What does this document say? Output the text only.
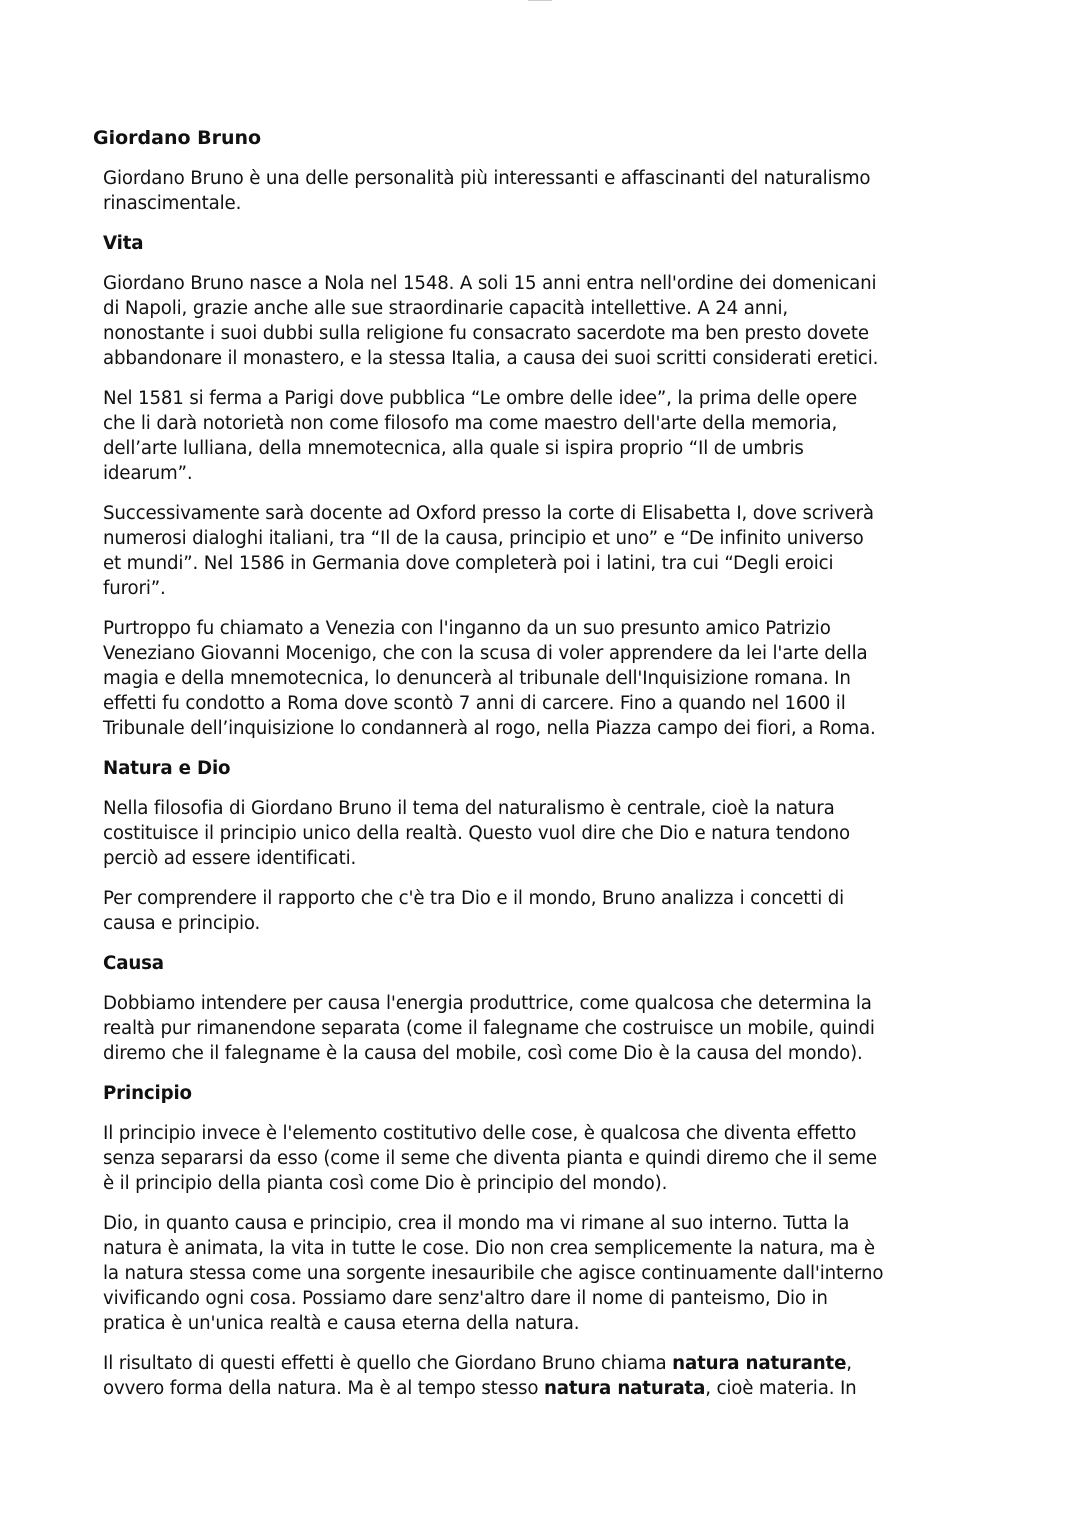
Giordano Bruno
Giordano Bruno è una delle personalità più interessanti e affascinanti del naturalismo
rinascimentale.
Vita
Giordano Bruno nasce a Nola nel 1548. A soli 15 anni entra nell'ordine dei domenicani
di Napoli, grazie anche alle sue straordinarie capacità intellettive. A 24 anni,
nonostante i suoi dubbi sulla religione fu consacrato sacerdote ma ben presto dovete
abbandonare il monastero, e la stessa Italia, a causa dei suoi scritti considerati eretici.
Nel 1581 si ferma a Parigi dove pubblica “Le ombre delle idee”, la prima delle opere
che li darà notorietà non come filosofo ma come maestro dell'arte della memoria,
dell’arte lulliana, della mnemotecnica, alla quale si ispira proprio “Il de umbris
idearum”.
Successivamente sarà docente ad Oxford presso la corte di Elisabetta I, dove scriverà
numerosi dialoghi italiani, tra “Il de la causa, principio et uno” e “De infinito universo
et mundi”. Nel 1586 in Germania dove completerà poi i latini, tra cui “Degli eroici
furori”.
Purtroppo fu chiamato a Venezia con l'inganno da un suo presunto amico Patrizio
Veneziano Giovanni Mocenigo, che con la scusa di voler apprendere da lei l'arte della
magia e della mnemotecnica, lo denuncerà al tribunale dell'Inquisizione romana. In
effetti fu condotto a Roma dove scontò 7 anni di carcere. Fino a quando nel 1600 il
Tribunale dell’inquisizione lo condannerà al rogo, nella Piazza campo dei fiori, a Roma.
Natura e Dio
Nella filosofia di Giordano Bruno il tema del naturalismo è centrale, cioè la natura
costituisce il principio unico della realtà. Questo vuol dire che Dio e natura tendono
perciò ad essere identificati.
Per comprendere il rapporto che c'è tra Dio e il mondo, Bruno analizza i concetti di
causa e principio.
Causa
Dobbiamo intendere per causa l'energia produttrice, come qualcosa che determina la
realtà pur rimanendone separata (come il falegname che costruisce un mobile, quindi
diremo che il falegname è la causa del mobile, così come Dio è la causa del mondo).
Principio
Il principio invece è l'elemento costitutivo delle cose, è qualcosa che diventa effetto
senza separarsi da esso (come il seme che diventa pianta e quindi diremo che il seme
è il principio della pianta così come Dio è principio del mondo).
Dio, in quanto causa e principio, crea il mondo ma vi rimane al suo interno. Tutta la
natura è animata, la vita in tutte le cose. Dio non crea semplicemente la natura, ma è
la natura stessa come una sorgente inesauribile che agisce continuamente dall'interno
vivificando ogni cosa. Possiamo dare senz'altro dare il nome di panteismo, Dio in
pratica è un'unica realtà e causa eterna della natura.
Il risultato di questi effetti è quello che Giordano Bruno chiama natura naturante,
ovvero forma della natura. Ma è al tempo stesso natura naturata, cioè materia. In
